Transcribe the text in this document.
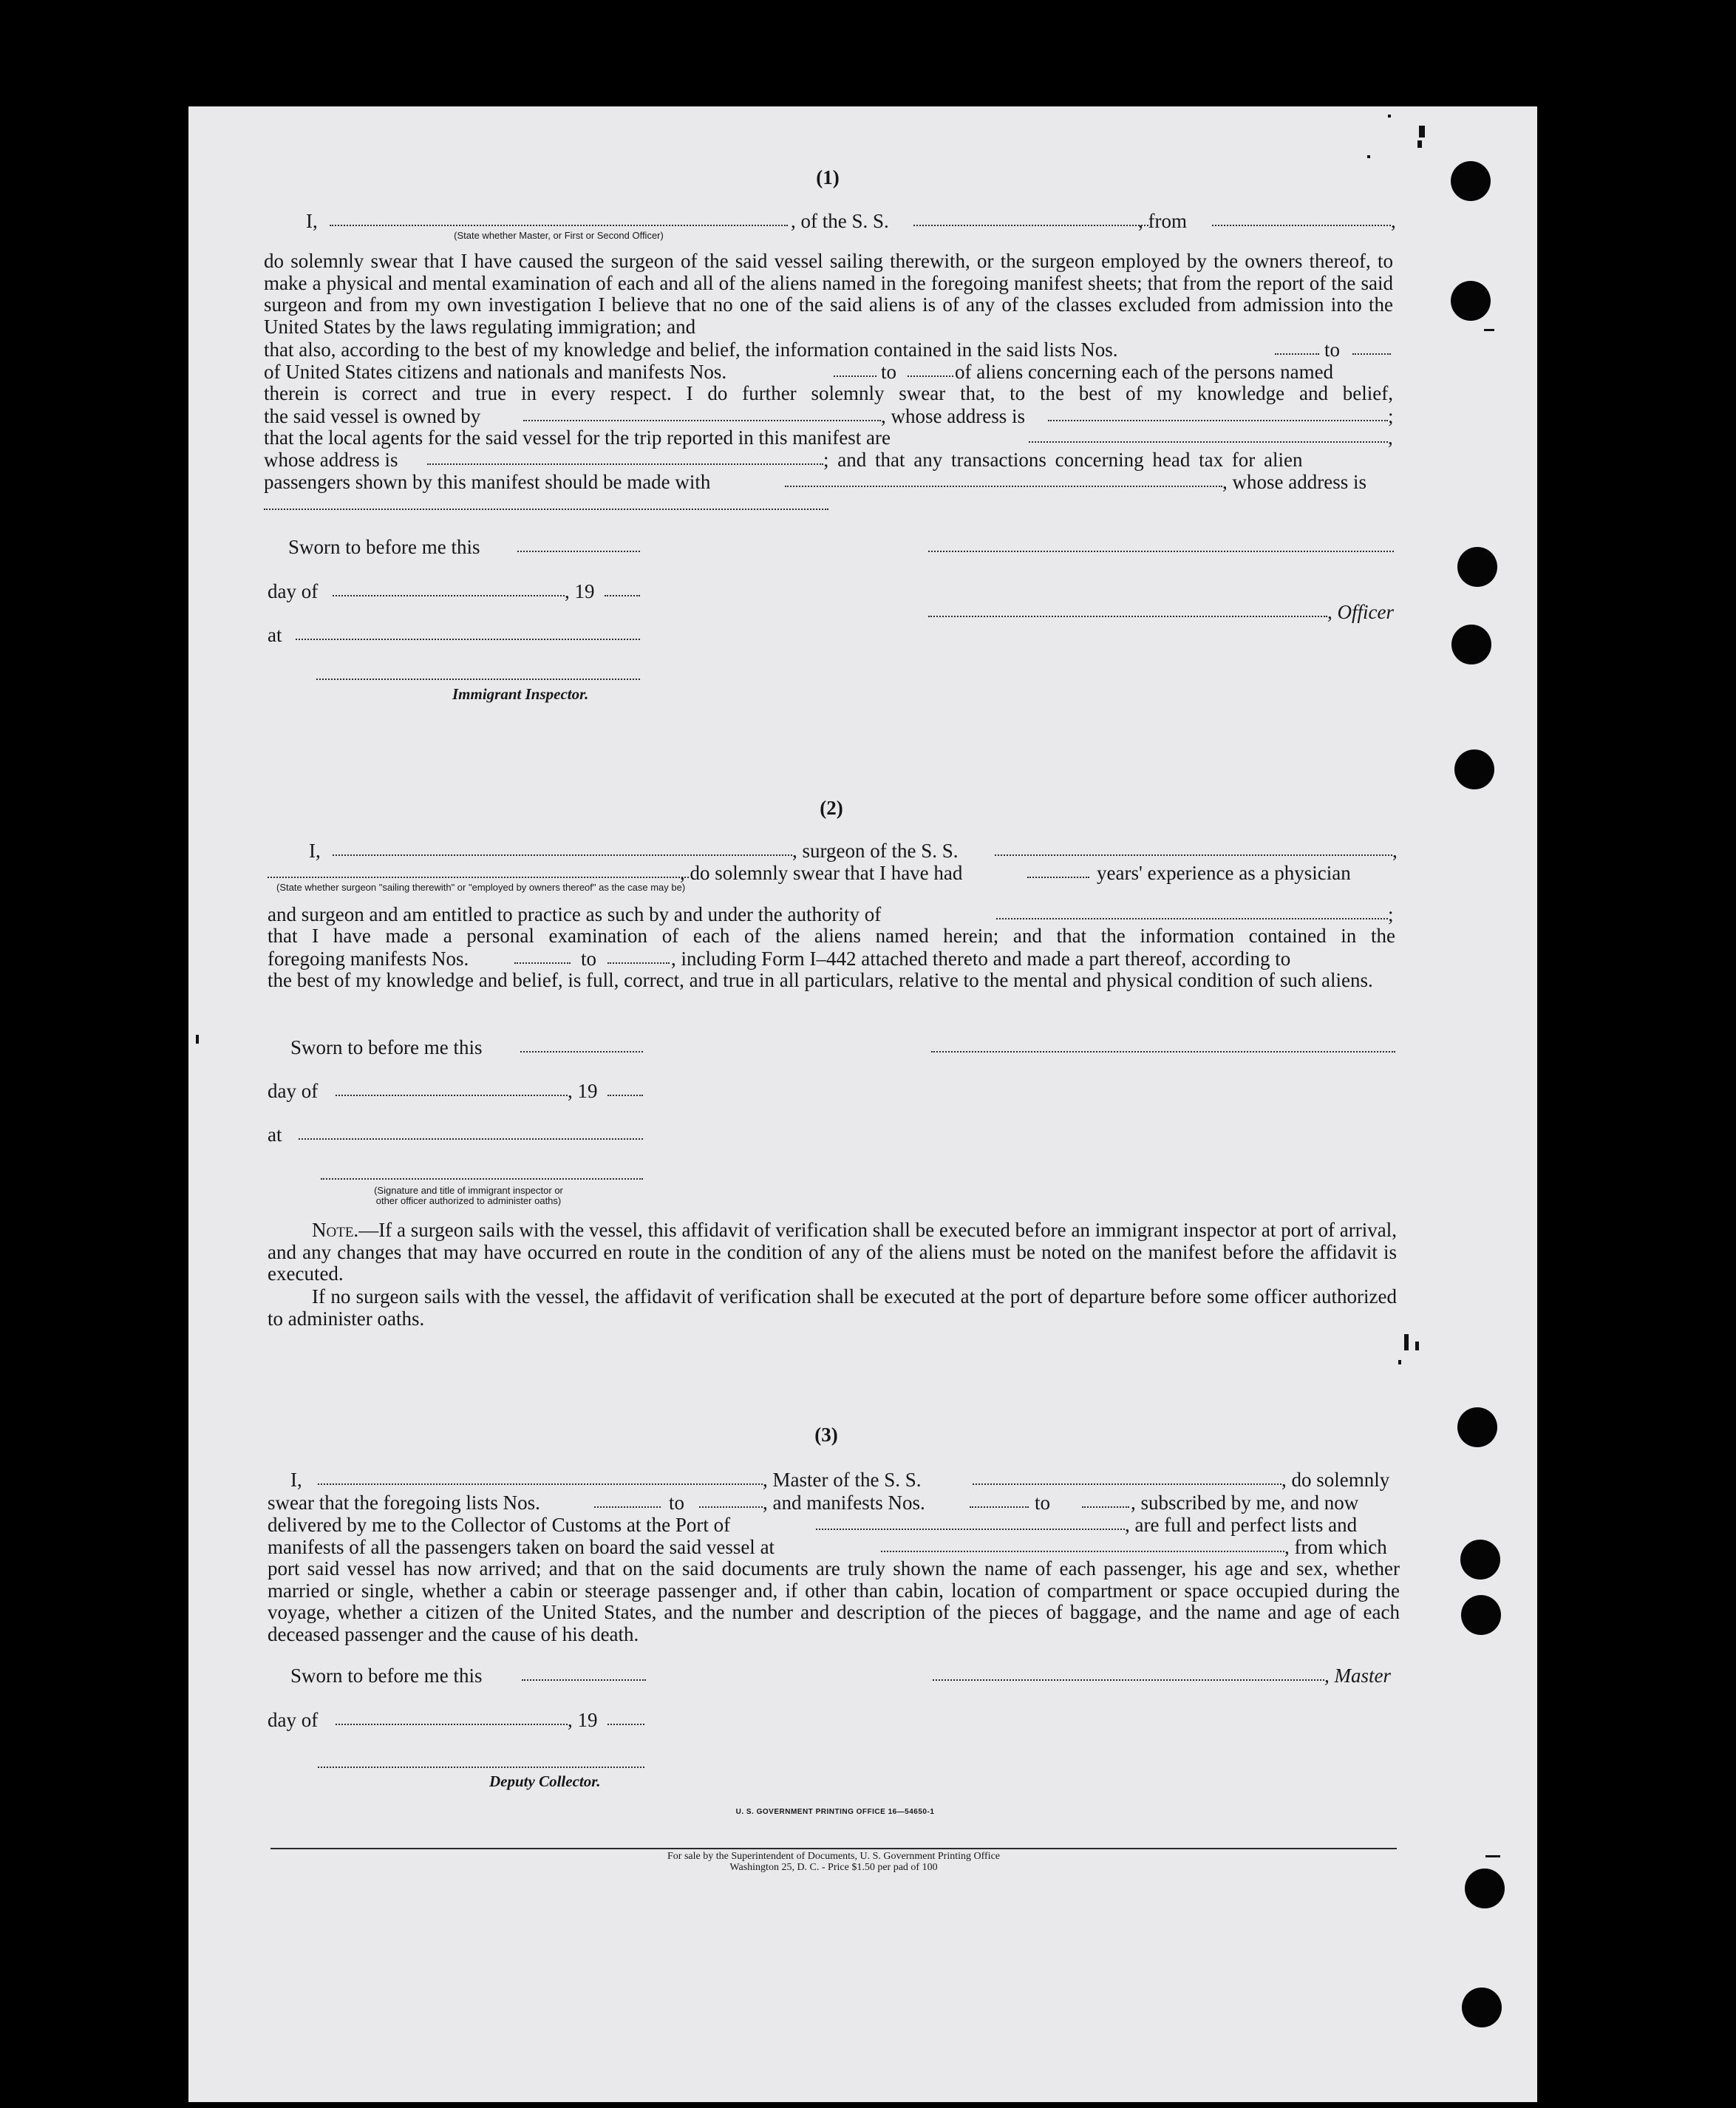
(1)
I,
(State whether Master, or First or Second Officer)
, of the S. S.	, from	,
do solemnly swear that I have caused the surgeon of the said vessel sailing therewith, or the surgeon employed by the owners thereof, to make a physical and mental examination of each and all of the aliens named in the foregoing manifest sheets; that from the report of the said surgeon and from my own investigation I believe that no one of the said aliens is of any of the classes excluded from admission into the United States by the laws regulating immigration; and
that also, according to the best of my knowledge and belief, the information contained in the said lists Nos.	to
of United States citizens and nationals and manifests Nos.	to	of aliens concerning each of the persons named
therein is correct and true in every respect. I do further solemnly swear that, to the best of my knowledge and belief,
the said vessel is owned by	, whose address is	;
that the local agents for the said vessel for the trip reported in this manifest are	,
whose address is	; and that any transactions concerning head tax for alien
passengers shown by this manifest should be made with	, whose address is
Sworn to before me this
day of	, 19
, Officer
at
Immigrant Inspector.
(2)
I,	, surgeon of the S. S.	,
(State whether surgeon "sailing therewith" or "employed by owners thereof" as the case may be)
, do solemnly swear that I have had	years' experience as a physician
and surgeon and am entitled to practice as such by and under the authority of	;
that I have made a personal examination of each of the aliens named herein; and that the information contained in the
foregoing manifests Nos.	to	, including Form I–442 attached thereto and made a part thereof, according to
the best of my knowledge and belief, is full, correct, and true in all particulars, relative to the mental and physical condition of such aliens.
Sworn to before me this
day of	, 19
at
(Signature and title of immigrant inspector or
other officer authorized to administer oaths)
Note.—If a surgeon sails with the vessel, this affidavit of verification shall be executed before an immigrant inspector at port of arrival, and any changes that may have occurred en route in the condition of any of the aliens must be noted on the manifest before the affidavit is executed.
If no surgeon sails with the vessel, the affidavit of verification shall be executed at the port of departure before some officer authorized to administer oaths.
(3)
I,	, Master of the S. S.	, do solemnly
swear that the foregoing lists Nos.	to	, and manifests Nos.	to	, subscribed by me, and now
delivered by me to the Collector of Customs at the Port of	, are full and perfect lists and
manifests of all the passengers taken on board the said vessel at	, from which
port said vessel has now arrived; and that on the said documents are truly shown the name of each passenger, his age and sex, whether married or single, whether a cabin or steerage passenger and, if other than cabin, location of compartment or space occupied during the voyage, whether a citizen of the United States, and the number and description of the pieces of baggage, and the name and age of each deceased passenger and the cause of his death.
Sworn to before me this	, Master
day of	, 19
Deputy Collector.
U. S. GOVERNMENT PRINTING OFFICE 16—54650-1
For sale by the Superintendent of Documents, U. S. Government Printing Office
Washington 25, D. C. - Price $1.50 per pad of 100
